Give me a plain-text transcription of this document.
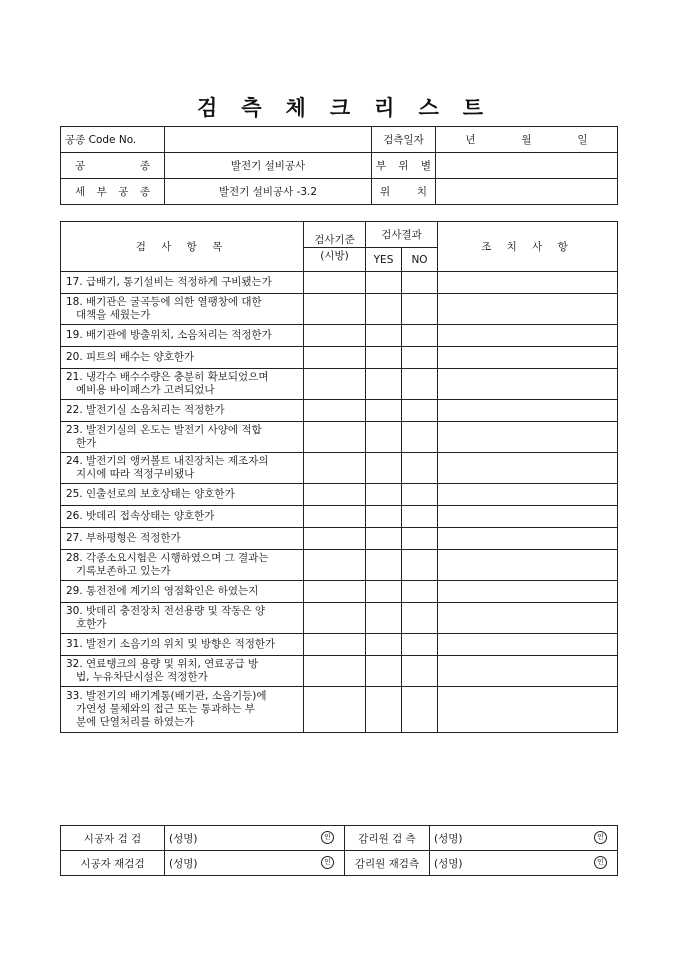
검 측 체 크 리 스 트
공종 Code No.		검측일자	년 월 일
공 종	발전기 설비공사	부 위 별	
세 부 공 종	발전기 설비공사 -3.2	위 치	
검 사 항 목	검사기준	검사결과		조 치 사 항
	(시방)	YES	NO	

17. 급배기, 통기설비는 적정하게 구비됐는가				

18. 배기관은 굴곡등에 의한 열팽창에 대한
대책을 세웠는가				

19. 배기관에 방출위치, 소음처리는 적정한가				

20. 피트의 배수는 양호한가				

21. 냉각수 배수수량은 충분히 확보되었으며
예비용 바이패스가 고려되었나				

22. 발전기실 소음처리는 적정한가				

23. 발전기실의 온도는 발전기 사양에 적합
한가				

24. 발전기의 앵커볼트 내진장치는 제조자의
지시에 따라 적정구비됐나				

25. 인출선로의 보호상태는 양호한가				

26. 밧데리 접속상태는 양호한가				

27. 부하평형은 적정한가				

28. 각종소요시험은 시행하였으며 그 결과는
기록보존하고 있는가				

29. 통전전에 계기의 영점확인은 하였는지				

30. 밧데리 충전장치 전선용량 및 작동은 양
호한가				

31. 발전기 소음기의 위치 및 방향은 적정한가				

32. 연료탱크의 용량 및 위치, 연료공급 방
법, 누유차단시설은 적정한가				

33. 발전기의 배기계통(배기관, 소음기등)에
가연성 물체와의 접근 또는 통과하는 부
분에 단열처리를 하였는가				

시공자 검 검	(성명) 인	감리원 검 측	(성명) 인

시공자 재검검	(성명) 인	감리원 재검측	(성명) 인
